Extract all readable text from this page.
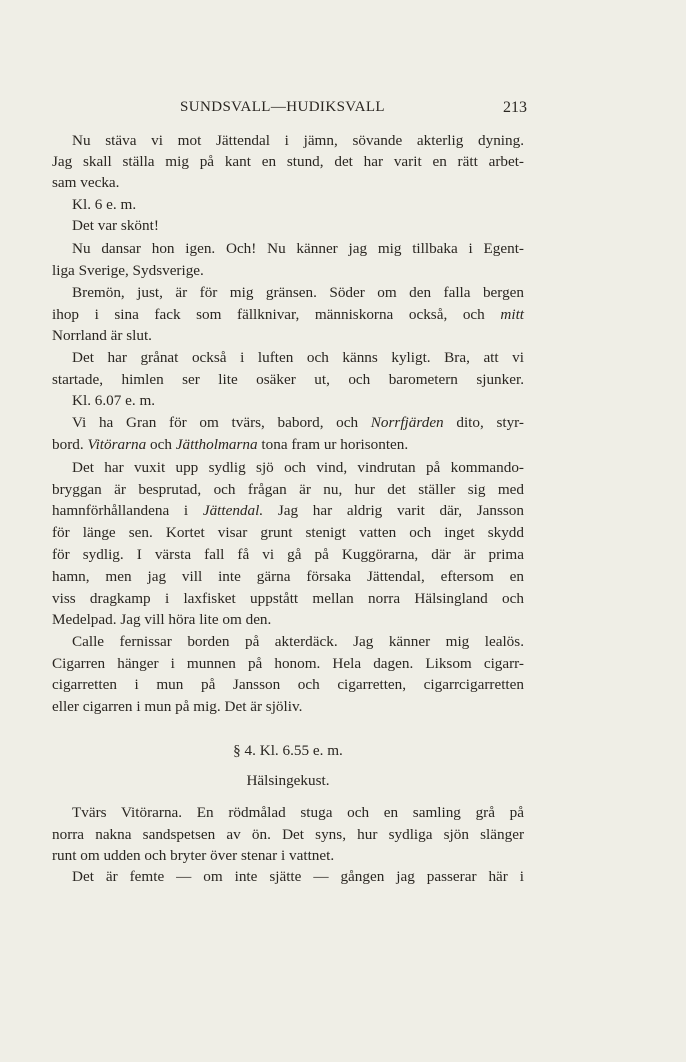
SUNDSVALL—HUDIKSVALL	213
Nu stäva vi mot Jättendal i jämn, sövande akterlig dyning.
Jag skall ställa mig på kant en stund, det har varit en rätt arbet-
sam vecka.
Kl. 6 e. m.
Det var skönt!
Nu dansar hon igen. Och! Nu känner jag mig tillbaka i Egent-
liga Sverige, Sydsverige.
Bremön, just, är för mig gränsen. Söder om den falla bergen
ihop i sina fack som fällknivar, människorna också, och mitt
Norrland är slut.
Det har grånat också i luften och känns kyligt. Bra, att vi
startade, himlen ser lite osäker ut, och barometern sjunker.
Kl. 6.07 e. m.
Vi ha Gran för om tvärs, babord, och Norrfjärden dito, styr-
bord. Vitörarna och Jättholmarna tona fram ur horisonten.
Det har vuxit upp sydlig sjö och vind, vindrutan på kommando-
bryggan är besprutad, och frågan är nu, hur det ställer sig med
hamnförhållandena i Jättendal. Jag har aldrig varit där, Jansson
för länge sen. Kortet visar grunt stenigt vatten och inget skydd
för sydlig. I värsta fall få vi gå på Kuggörarna, där är prima
hamn, men jag vill inte gärna försaka Jättendal, eftersom en
viss dragkamp i laxfisket uppstått mellan norra Hälsingland och
Medelpad. Jag vill höra lite om den.
Calle fernissar borden på akterdäck. Jag känner mig lealös.
Cigarren hänger i munnen på honom. Hela dagen. Liksom cigarr-
cigarretten i mun på Jansson och cigarretten, cigarrcigarretten
eller cigarren i mun på mig. Det är sjöliv.
§ 4. Kl. 6.55 e. m.
Hälsingekust.
Tvärs Vitörarna. En rödmålad stuga och en samling grå på
norra nakna sandspetsen av ön. Det syns, hur sydliga sjön slänger
runt om udden och bryter över stenar i vattnet.
Det är femte — om inte sjätte — gången jag passerar här i
